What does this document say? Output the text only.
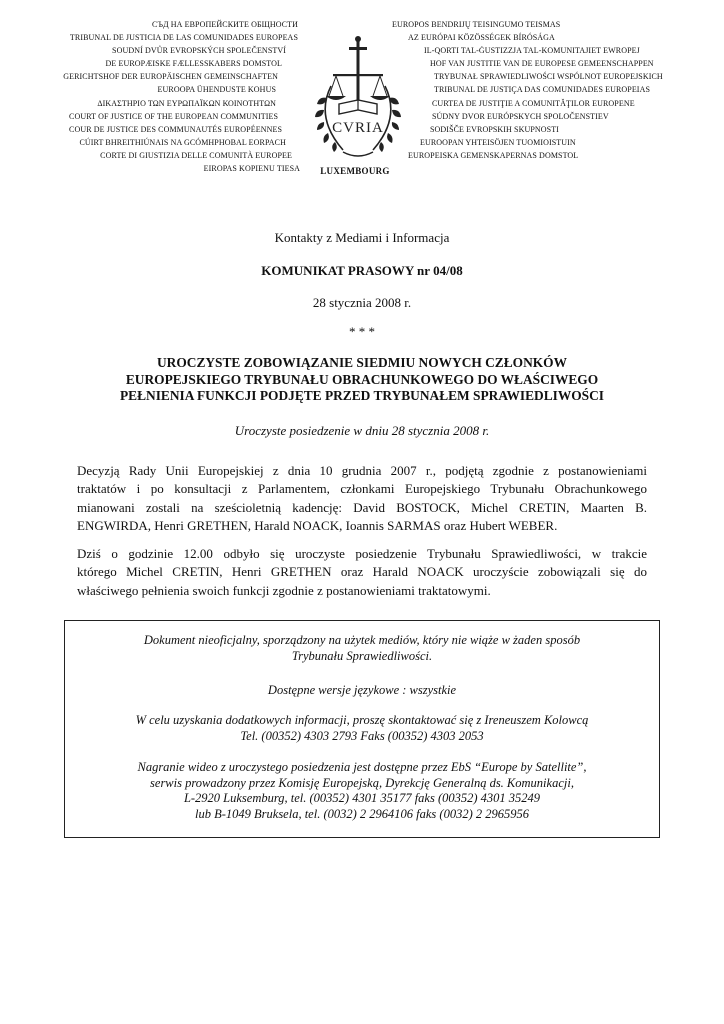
СЪД НА ЕВРОПЕЙСКИТЕ ОБЩНОСТИ
TRIBUNAL DE JUSTICIA DE LAS COMUNIDADES EUROPEAS
SOUDNÍ DVŮR EVROPSKÝCH SPOLEČENSTVÍ
DE EUROPÆISKE FÆLLESSKABERS DOMSTOL
GERICHTSHOF DER EUROPÄISCHEN GEMEINSCHAFTEN
EUROOPA ÜHENDUSTE KOHUS
ΔΙΚΑΣΤΗΡΙΟ ΤΩΝ ΕΥΡΩΠΑΪΚΩΝ ΚΟΙΝΟΤΗΤΩΝ
COURT OF JUSTICE OF THE EUROPEAN COMMUNITIES
COUR DE JUSTICE DES COMMUNAUTÉS EUROPÉENNES
CÚIRT BHREITHIÚNAIS NA GCÓMHPHOBAL EORPACH
CORTE DI GIUSTIZIA DELLE COMUNITÀ EUROPEE
EIROPAS KOPIENU TIESA
CVRIA
LUXEMBOURG
EUROPOS BENDRIJŲ TEISINGUMO TEISMAS
AZ EURÓPAI KÖZÖSSÉGEK BÍRÓSÁGA
IL-QORTI TAL-ĠUSTIZZJA TAL-KOMUNITAJIET EWROPEJ
HOF VAN JUSTITIE VAN DE EUROPESE GEMEENSCHAPPEN
TRYBUNAŁ SPRAWIEDLIWOŚCI WSPÓLNOT EUROPEJSKICH
TRIBUNAL DE JUSTIÇA DAS COMUNIDADES EUROPEIAS
CURTEA DE JUSTIŢIE A COMUNITĂŢILOR EUROPENE
SÚDNY DVOR EURÓPSKYCH SPOLOČENSTIEV
SODIŠČE EVROPSKIH SKUPNOSTI
EUROOPAN YHTEISÖJEN TUOMIOISTUIN
EUROPEISKA GEMENSKAPERNAS DOMSTOL
Kontakty z Mediami i Informacja
KOMUNIKAT PRASOWY nr 04/08
28 stycznia 2008 r.
* * *
UROCZYSTE ZOBOWIĄZANIE SIEDMIU NOWYCH CZŁONKÓW
EUROPEJSKIEGO TRYBUNAŁU OBRACHUNKOWEGO DO WŁAŚCIWEGO
PEŁNIENIA FUNKCJI PODJĘTE PRZED TRYBUNAŁEM SPRAWIEDLIWOŚCI
Uroczyste posiedzenie w dniu 28 stycznia 2008 r.
Decyzją Rady Unii Europejskiej z dnia 10 grudnia 2007 r., podjętą zgodnie z postanowieniami
traktatów i po konsultacji z Parlamentem, członkami Europejskiego Trybunału Obrachunkowego
mianowani zostali na sześcioletnią kadencję: David BOSTOCK, Michel CRETIN, Maarten B.
ENGWIRDA, Henri GRETHEN, Harald NOACK, Ioannis SARMAS oraz Hubert WEBER.
Dziś o godzinie 12.00 odbyło się uroczyste posiedzenie Trybunału Sprawiedliwości, w trakcie
którego Michel CRETIN, Henri GRETHEN oraz Harald NOACK uroczyście zobowiązali się do
właściwego pełnienia swoich funkcji zgodnie z postanowieniami traktatowymi.
Dokument nieoficjalny, sporządzony na użytek mediów, który nie wiąże w żaden sposób
Trybunału Sprawiedliwości.
Dostępne wersje językowe : wszystkie
W celu uzyskania dodatkowych informacji, proszę skontaktować się z Ireneuszem Kolowcą
Tel. (00352) 4303 2793 Faks (00352) 4303 2053
Nagranie wideo z uroczystego posiedzenia jest dostępne przez EbS “Europe by Satellite”,
serwis prowadzony przez Komisję Europejską, Dyrekcję Generalną ds. Komunikacji,
L-2920 Luksemburg, tel. (00352) 4301 35177 faks (00352) 4301 35249
lub B-1049 Bruksela, tel. (0032) 2 2964106 faks (0032) 2 2965956
